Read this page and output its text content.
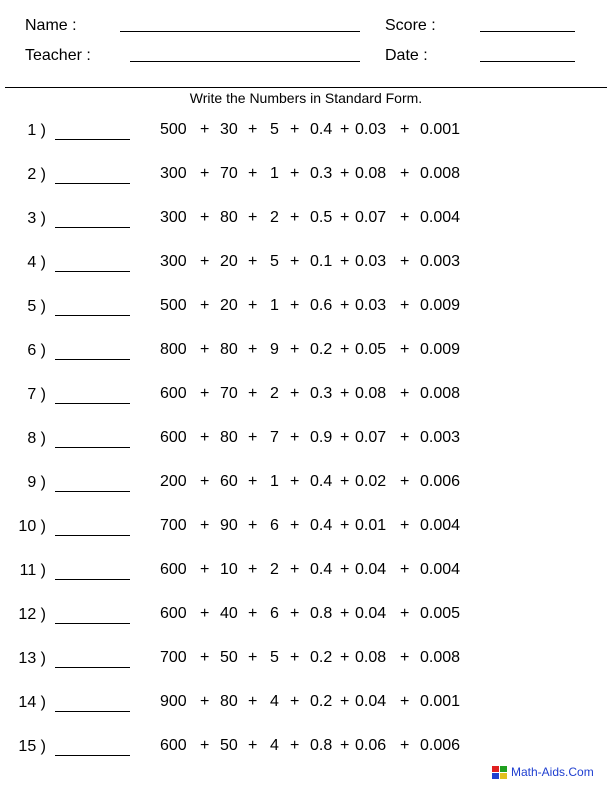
Name :	Score :
Teacher :	Date :
Write the Numbers in Standard Form.
1 )	500 + 30 + 5 + 0.4 + 0.03 + 0.001
2 )	300 + 70 + 1 + 0.3 + 0.08 + 0.008
3 )	300 + 80 + 2 + 0.5 + 0.07 + 0.004
4 )	300 + 20 + 5 + 0.1 + 0.03 + 0.003
5 )	500 + 20 + 1 + 0.6 + 0.03 + 0.009
6 )	800 + 80 + 9 + 0.2 + 0.05 + 0.009
7 )	600 + 70 + 2 + 0.3 + 0.08 + 0.008
8 )	600 + 80 + 7 + 0.9 + 0.07 + 0.003
9 )	200 + 60 + 1 + 0.4 + 0.02 + 0.006
10 )	700 + 90 + 6 + 0.4 + 0.01 + 0.004
11 )	600 + 10 + 2 + 0.4 + 0.04 + 0.004
12 )	600 + 40 + 6 + 0.8 + 0.04 + 0.005
13 )	700 + 50 + 5 + 0.2 + 0.08 + 0.008
14 )	900 + 80 + 4 + 0.2 + 0.04 + 0.001
15 )	600 + 50 + 4 + 0.8 + 0.06 + 0.006
Math-Aids.Com
